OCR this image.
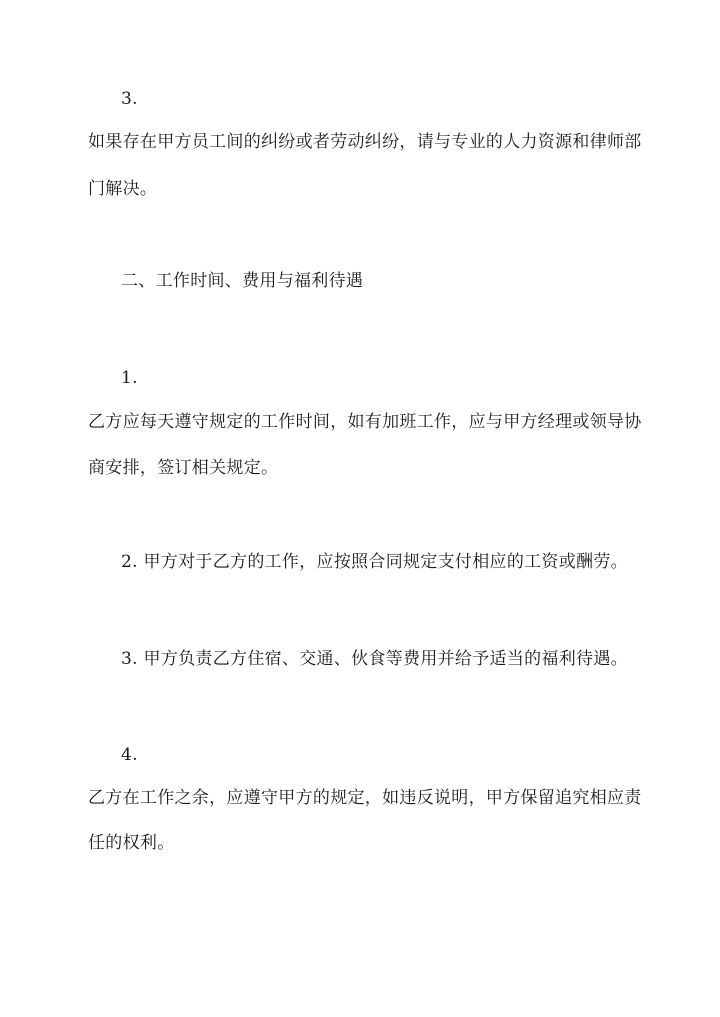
3.
如果存在甲方员工间的纠纷或者劳动纠纷，请与专业的人力资源和律师部
门解决。
二、工作时间、费用与福利待遇
1.
乙方应每天遵守规定的工作时间，如有加班工作，应与甲方经理或领导协
商安排，签订相关规定。
2. 甲方对于乙方的工作，应按照合同规定支付相应的工资或酬劳。
3. 甲方负责乙方住宿、交通、伙食等费用并给予适当的福利待遇。
4.
乙方在工作之余，应遵守甲方的规定，如违反说明，甲方保留追究相应责
任的权利。
